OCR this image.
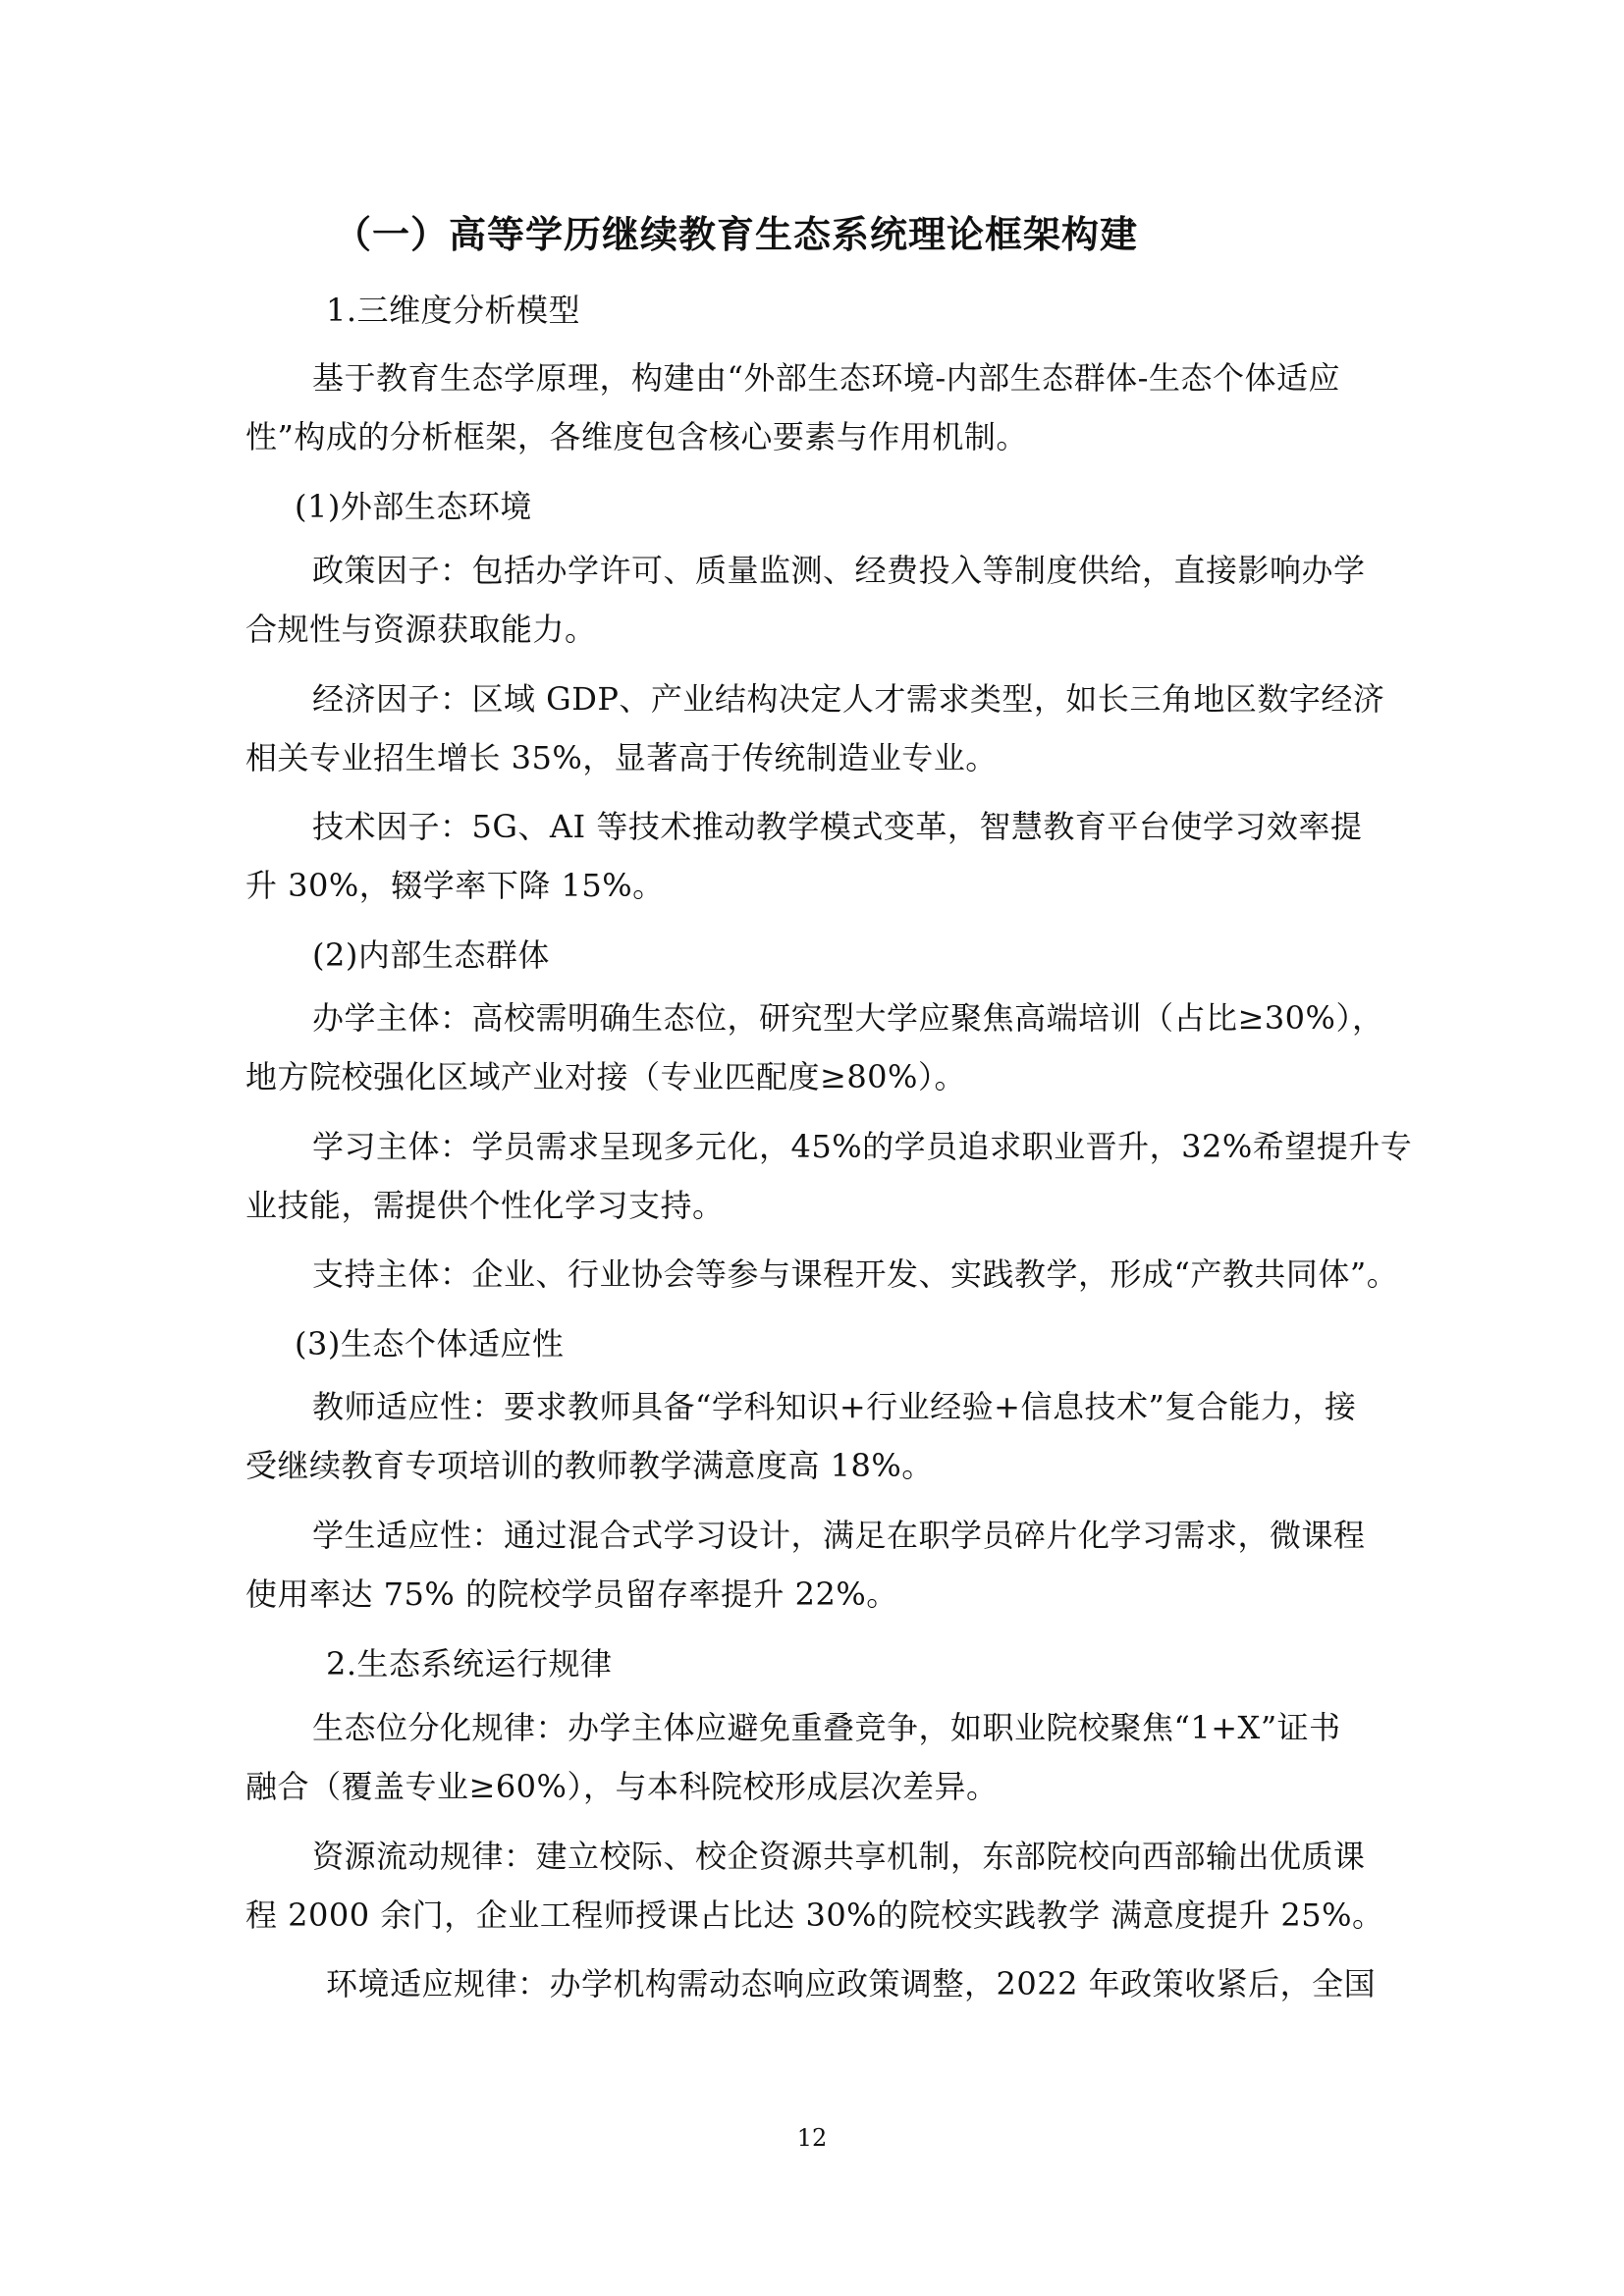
（一）高等学历继续教育生态系统理论框架构建
1.三维度分析模型
基于教育生态学原理，构建由“外部生态环境-内部生态群体-生态个体适应
性”构成的分析框架，各维度包含核心要素与作用机制。
(1)外部生态环境
政策因子：包括办学许可、质量监测、经费投入等制度供给，直接影响办学
合规性与资源获取能力。
经济因子：区域 GDP、产业结构决定人才需求类型，如长三角地区数字经济
相关专业招生增长 35%，显著高于传统制造业专业。
技术因子：5G、AI 等技术推动教学模式变革，智慧教育平台使学习效率提
升 30%，辍学率下降 15%。
(2)内部生态群体
办学主体：高校需明确生态位，研究型大学应聚焦高端培训（占比≥30%），
地方院校强化区域产业对接（专业匹配度≥80%）。
学习主体：学员需求呈现多元化，45%的学员追求职业晋升，32%希望提升专
业技能，需提供个性化学习支持。
支持主体：企业、行业协会等参与课程开发、实践教学，形成“产教共同体”。
(3)生态个体适应性
教师适应性：要求教师具备“学科知识+行业经验+信息技术”复合能力，接
受继续教育专项培训的教师教学满意度高 18%。
学生适应性：通过混合式学习设计，满足在职学员碎片化学习需求，微课程
使用率达 75% 的院校学员留存率提升 22%。
2.生态系统运行规律
生态位分化规律：办学主体应避免重叠竞争，如职业院校聚焦“1+X”证书
融合（覆盖专业≥60%），与本科院校形成层次差异。
资源流动规律：建立校际、校企资源共享机制，东部院校向西部输出优质课
程 2000 余门，企业工程师授课占比达 30%的院校实践教学 满意度提升 25%。
环境适应规律：办学机构需动态响应政策调整，2022 年政策收紧后，全国
12
